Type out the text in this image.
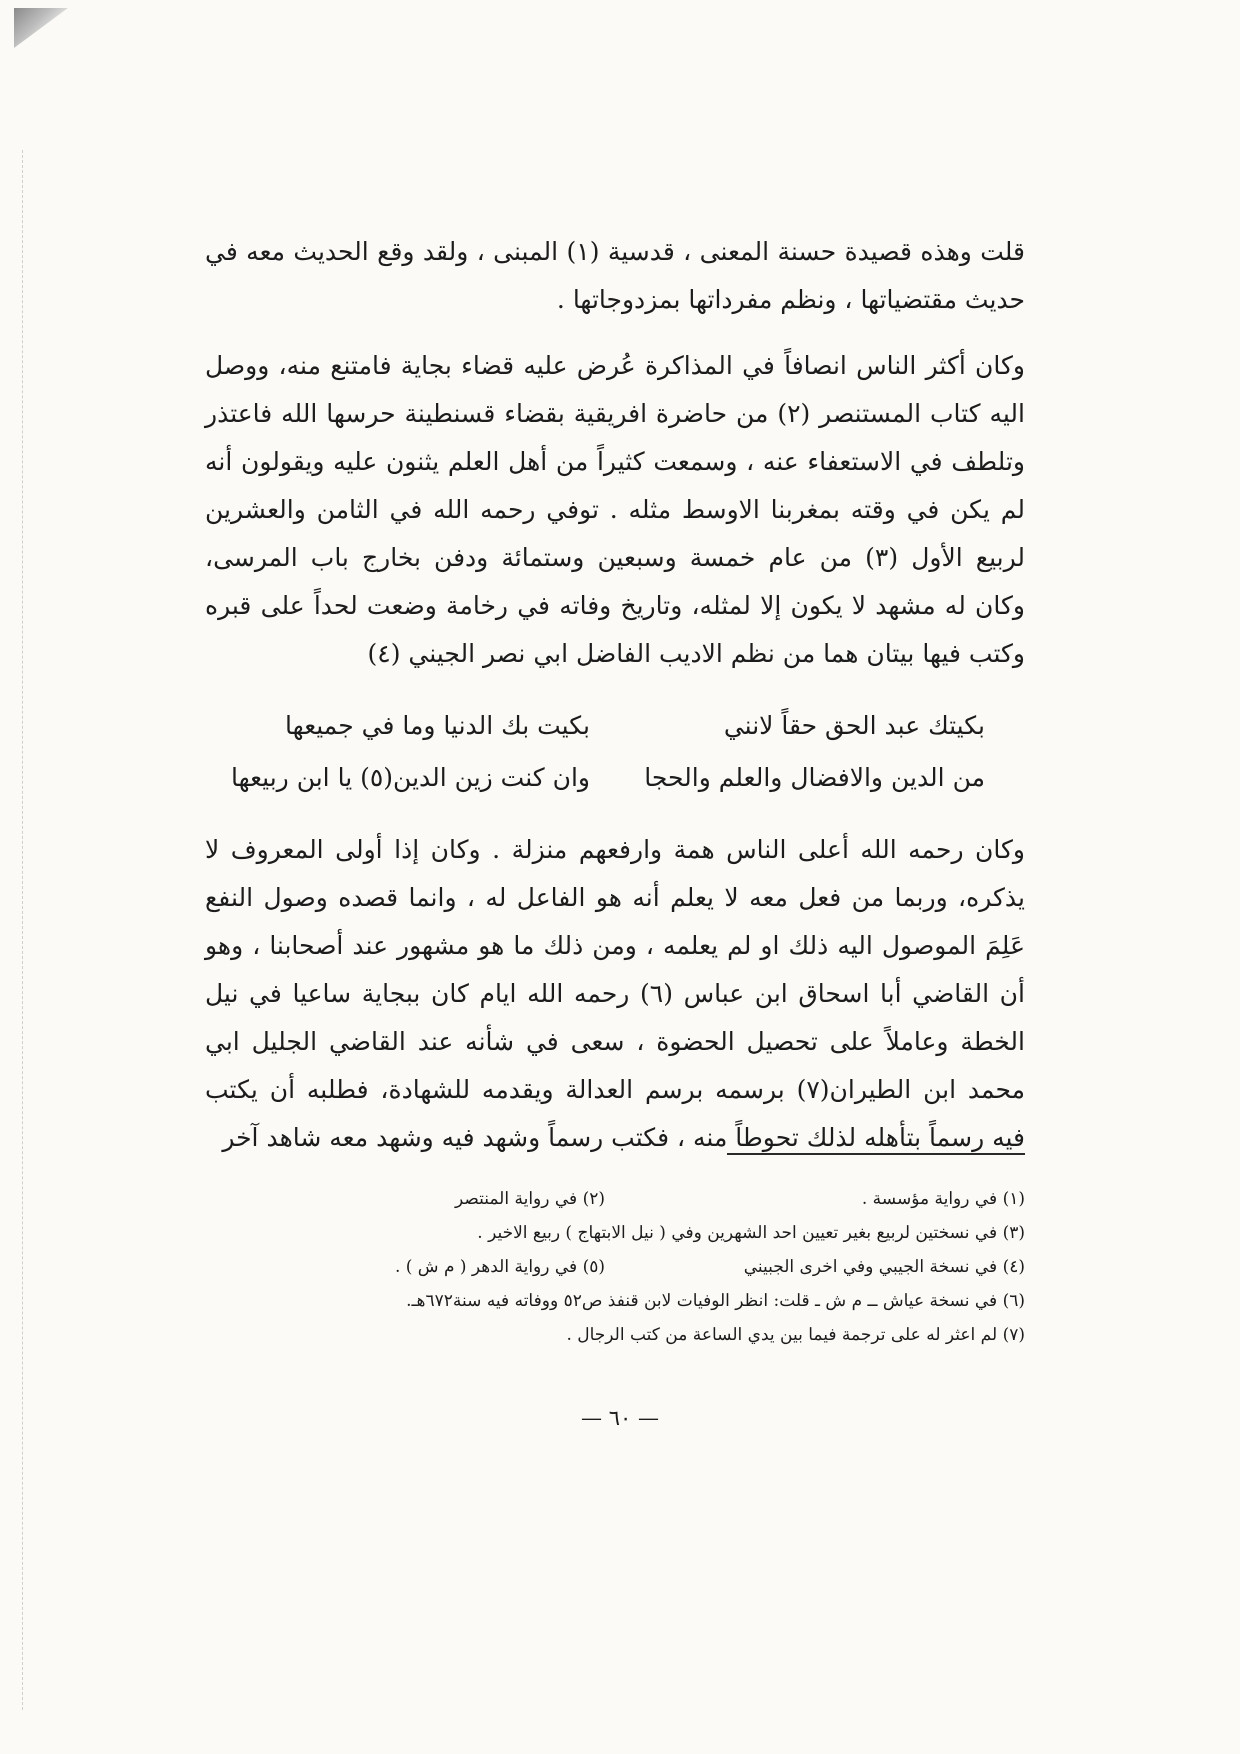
قلت وهذه قصيدة حسنة المعنى ، قدسية (١) المبنى ، ولقد وقع الحديث معه في حديث مقتضياتها ، ونظم مفرداتها بمزدوجاتها .

وكان أكثر الناس انصافاً في المذاكرة عُرض عليه قضاء بجاية فامتنع منه، ووصل اليه كتاب المستنصر (٢) من حاضرة افريقية بقضاء قسنطينة حرسها الله فاعتذر وتلطف في الاستعفاء عنه ، وسمعت كثيراً من أهل العلم يثنون عليه ويقولون أنه لم يكن في وقته بمغربنا الاوسط مثله . توفي رحمه الله في الثامن والعشرين لربيع الأول (٣) من عام خمسة وسبعين وستمائة ودفن بخارج باب المرسى، وكان له مشهد لا يكون إلا لمثله، وتاريخ وفاته في رخامة وضعت لحداً على قبره وكتب فيها بيتان هما من نظم الاديب الفاضل ابي نصر الجيني (٤)

بكيتك عبد الحق حقاً لانني
بكيت بك الدنيا وما في جميعها
من الدين والافضال والعلم والحجا
وان كنت زين الدين(٥) يا ابن ربيعها

وكان رحمه الله أعلى الناس همة وارفعهم منزلة . وكان إذا أولى المعروف لا يذكره، وربما من فعل معه لا يعلم أنه هو الفاعل له ، وانما قصده وصول النفع عَلِمَ الموصول اليه ذلك او لم يعلمه ، ومن ذلك ما هو مشهور عند أصحابنا ، وهو أن القاضي أبا اسحاق ابن عباس (٦) رحمه الله ايام كان ببجاية ساعيا في نيل الخطة وعاملاً على تحصيل الحضوة ، سعى في شأنه عند القاضي الجليل ابي محمد ابن الطيران(٧) برسمه برسم العدالة ويقدمه للشهادة، فطلبه أن يكتب فيه رسماً بتأهله لذلك تحوطاً منه ، فكتب رسماً وشهد فيه وشهد معه شاهد آخر

(١) في رواية مؤسسة .
(٢) في رواية المنتصر
(٣) في نسختين لربيع بغير تعيين احد الشهرين وفي ( نيل الابتهاج ) ربيع الاخير .
(٤) في نسخة الجيبي وفي اخرى الجبيني
(٥) في رواية الدهر ( م ش ) .
(٦) في نسخة عياش ــ م ش ـ قلت: انظر الوفيات لابن قنفذ ص٥٢ ووفاته فيه سنة٦٧٢هـ.
(٧) لم اعثر له على ترجمة فيما بين يدي الساعة من كتب الرجال .
— ٦٠ —
